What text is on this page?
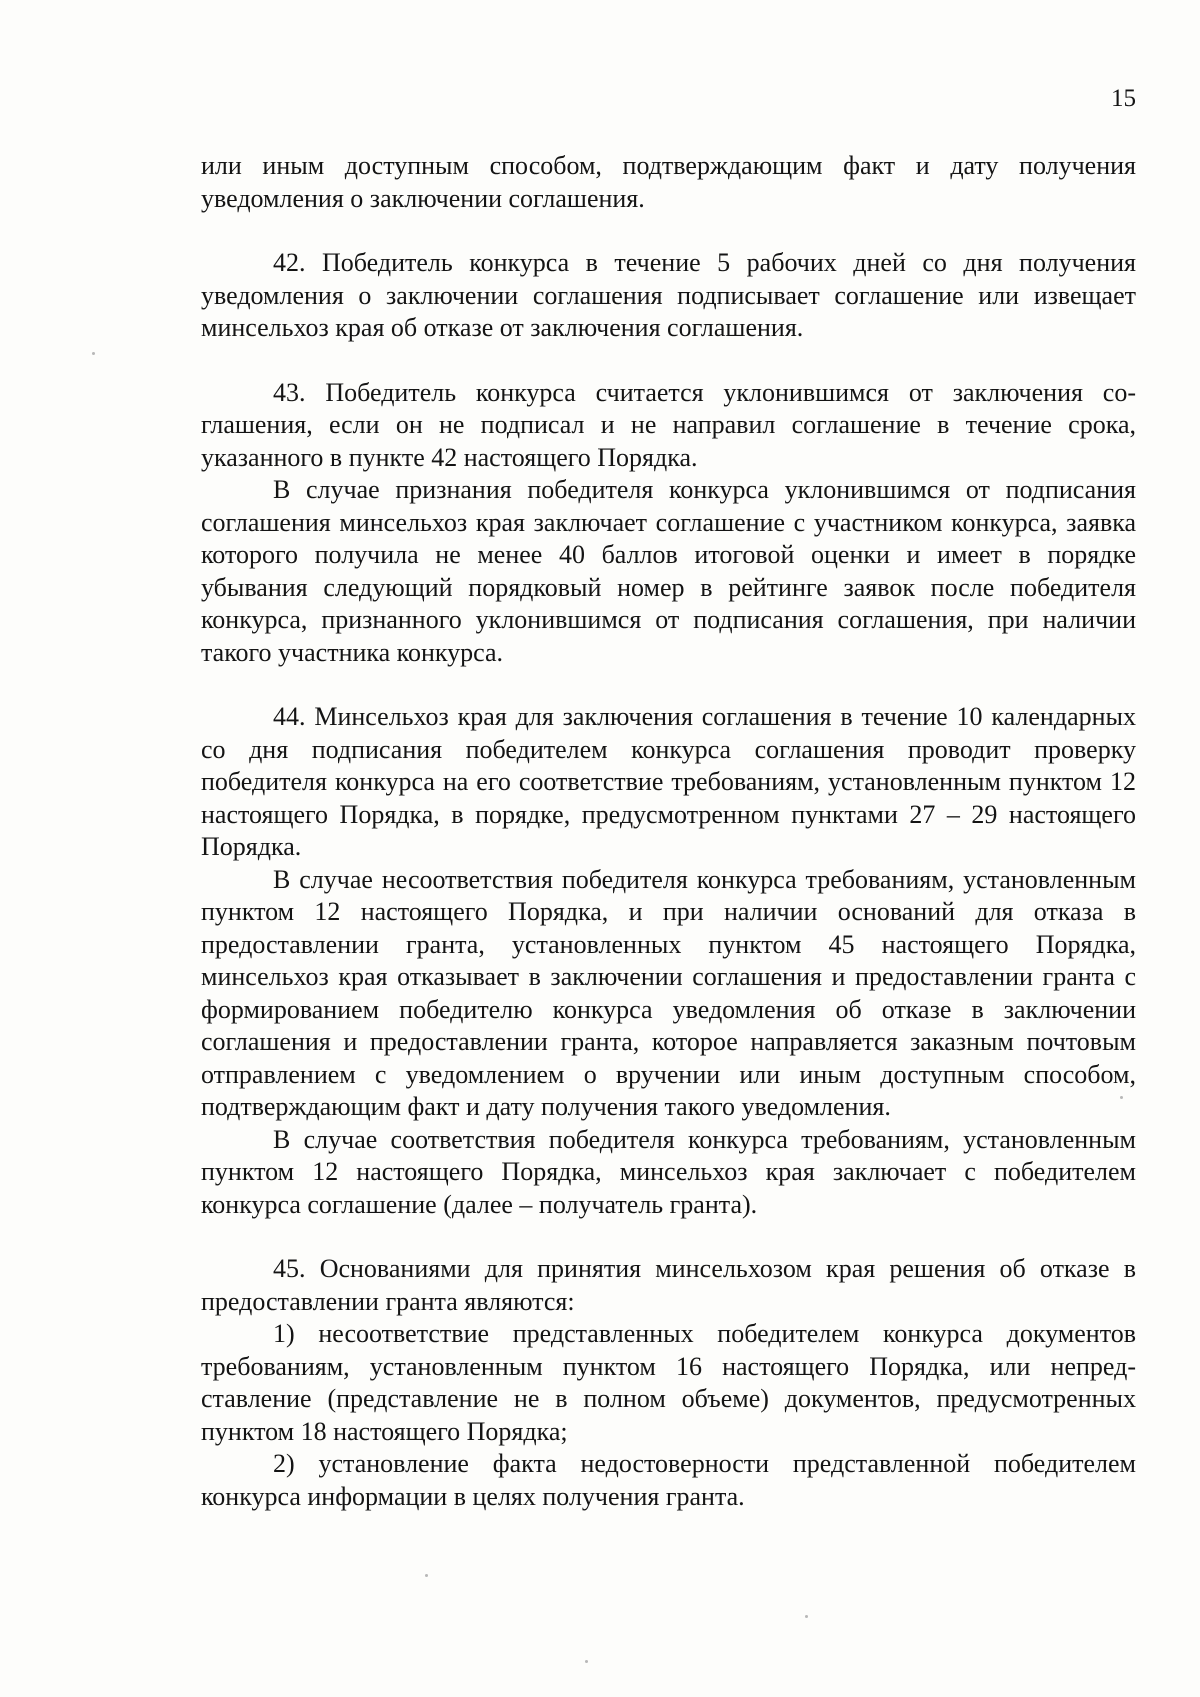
15

или иным доступным способом, подтверждающим факт и дату получения уведомления о заключении соглашения.

42. Победитель конкурса в течение 5 рабочих дней со дня получения уведомления о заключении соглашения подписывает соглашение или извещает минсельхоз края об отказе от заключения соглашения.

43. Победитель конкурса считается уклонившимся от заключения соглашения, если он не подписал и не направил соглашение в течение срока, указанного в пункте 42 настоящего Порядка.

В случае признания победителя конкурса уклонившимся от подписания соглашения минсельхоз края заключает соглашение с участником конкурса, заявка которого получила не менее 40 баллов итоговой оценки и имеет в порядке убывания следующий порядковый номер в рейтинге заявок после победителя конкурса, признанного уклонившимся от подписания соглашения, при наличии такого участника конкурса.

44. Минсельхоз края для заключения соглашения в течение 10 календарных со дня подписания победителем конкурса соглашения проводит проверку победителя конкурса на его соответствие требованиям, установленным пунктом 12 настоящего Порядка, в порядке, предусмотренном пунктами 27 – 29 настоящего Порядка.

В случае несоответствия победителя конкурса требованиям, установленным пунктом 12 настоящего Порядка, и при наличии оснований для отказа в предоставлении гранта, установленных пунктом 45 настоящего Порядка, минсельхоз края отказывает в заключении соглашения и предоставлении гранта с формированием победителю конкурса уведомления об отказе в заключении соглашения и предоставлении гранта, которое направляется заказным почтовым отправлением с уведомлением о вручении или иным доступным способом, подтверждающим факт и дату получения такого уведомления.

В случае соответствия победителя конкурса требованиям, установленным пунктом 12 настоящего Порядка, минсельхоз края заключает с победителем конкурса соглашение (далее – получатель гранта).

45. Основаниями для принятия минсельхозом края решения об отказе в предоставлении гранта являются:

1) несоответствие представленных победителем конкурса документов требованиям, установленным пунктом 16 настоящего Порядка, или непредставление (представление не в полном объеме) документов, предусмотренных пунктом 18 настоящего Порядка;

2) установление факта недостоверности представленной победителем конкурса информации в целях получения гранта.
